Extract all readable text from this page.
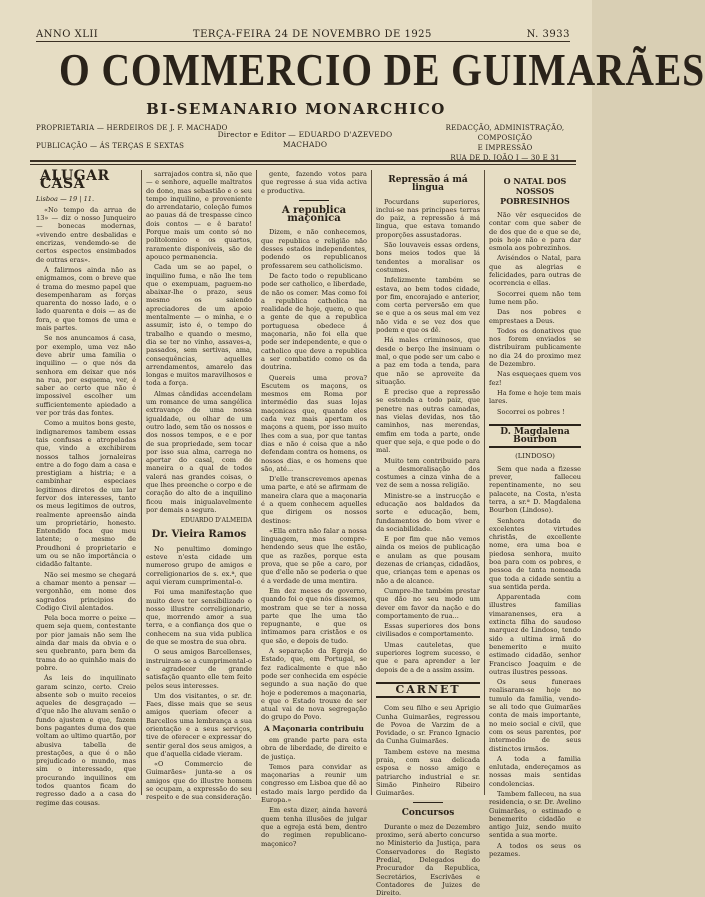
ANNO XLII	TERÇA-FEIRA 24 DE NOVEMBRO DE 1925	N. 3933
O COMMERCIO DE GUIMARÃES
BI-SEMANARIO MONARCHICO
PROPRIETARIA — HERDEIROS DE J. F. MACHADO
PUBLICAÇÃO — ÁS TERÇAS E SEXTAS
Director e Editor — EDUARDO D'AZEVEDO MACHADO
REDACÇÃO, ADMINISTRAÇÃO, COMPOSIÇÃO
E IMPRESSÃO
RUA DE D. JOÃO I — 30 E 31
ALUGAR CASA
Lisboa — 19 | 11.

«No tempo da arrua de 13» — diz o nosso Junqueiro — bonecas modernas, «vivendo entre desbalidas e encrizas, vendemdo-se de certos espectos ensimbados de outras eras».

Á falirmos ainda não as enigmamos, com o breve que é trama do mesmo papel que desempenharam as forças quarenta do nosso lado, e o lado quarenta e dois — as de fora, e que tomos de uma e mais partes.

Se nos anuncamos á casa, por exemplo, uma vez não deve abrir uma familia o inquilino — o que nós da senhora em deixar que nós na rua, por esquema, ver, é saber ao certo que não é impossivel escolher um sufficientemente apiedado a ver por trás das fontes.

Como a muitos bons geste, indignaremos tambem essas tais confusas e atropeladas que, vindo a exchibirem nossos talhos jornaleiras entre a do fogo dam a casa e prestigiam a histria; e a cambinhar especiaes legitimos diretos de um lar fervor dos interesses, tanto os meus legitimos de outros, realmente apreensão ainda um proprietário, honesto. Entendido foca que meu latente; o mesmo de Proudhoni é proprietario e um ou se não importância o cidadão faltante.

Não sei mesmo se chegará a chamar mento a pensar — vergonhão, em nome dos sagrados principios do Codigo Civil alentados.

Pela boca morre o peixe — quem seja quem, contestante por pior jamais não sem lhe ainda dar mais da obvia e o seu quebranto, para bem da trama do ao quinhão mais do pobre.

Ás leis do inquilinato garam scinzo, certo. Creio absente sob o muito receios aqueles de desgraçado — d'que não lhe aluvam senão o fundo ajustem e que, fazem bons pagantes duma dos que voltam ao ultimo quartão, por abusiva tabella de prestações, a que é o não prejudicado o mundo, mas sim o interessado, que procurando inquilinos em todos quantos ficam do regresso dado a a casa do regime das cousas.

sarrajados contra si, não que — e senhore, aquelle maltratos do dono, mas sebastião e o seu tempo inquilino, e proveniente do arrendatario, coleção fumos ao pauas dá de trespasse cinco dois contos — e ê barato! Porque mais um conto só no politolomico e os quartos, raramente disponíveis, são de apouco permanencia.

Cada um se ao papel, o inquilino fuma, e não lhe tem que o exempuam, paguem-no abaixar-lhe o prazo, seus mesmo os saiendo apreciadores de um apoio mentalmente — o minha, e o assumir, isto é, o tempo do trabalho e quando o mesmo, dia se ter no vinho, assaves-a, passados, sem sertivas, ama, consequências, aquelles arrendamentos, amarelo das longas e muitos maravilhosos e toda a força.

Almas cândidas accendelam um romance de uma sangélica extravanço de uma nossa igualdade, ou olhar de um outro lado, sem tão os nossos e dos nossos tempos, e e e por de sua propriedade, sem tocar por isso sua alma, carrega no apertar do casal, com de maneira o a qual de todos valerá nas grandes coisas, o que lhes preenche o corpo e de coração do alto de a inquilino ficou mais inigualavelmente por demais a segura.

EDUARDO D'ALMEIDA
Dr. Vieira Ramos

No penultimo domingo esteve n'esta cidade um numeroso grupo de amigos e correligionarios de s. ex.ª, que aqui vieram cumprimental-o.

Foi uma manifestação que muito deve ter sensibilizado o nosso illustre correligionario, que, morrendo amor a sua terra, e a confiança dos que o conhecem na sua vida publica de que se mostra de sua obra.

O seus amigos Barcellenses, instruiram-se a cumprimental-o e agradecer de grande satisfação quanto elle tem feito pelos seus interesses.

Um dos visitantes, o sr. dr. Faes, disse mais que se seus amigos queriam ofecer a Barcellos uma lembrança a sua orientação e a seus serviços, tive de oferecer e expressar do sentir geral dos seus amigos, a que d'aquella cidade vieram.

«O Commercio de Guimarães» junta-se a os amigos que do illustre homem se ocupam, a expressão do seu respeito e de sua consideração.

gente, fazendo votos para que regresse á sua vida activa e productiva.

A republica maçonica

Dizem, e não conhecemos, que republica e religião não desses estados independentes, podendo os republicanos professarem seu catholicismo.

De facto todo o republicano pode ser catholico, e liberdade, de não os comer. Mas como foi a republica catholica na realidade de hoje, quem, o que a gente de que a republica portuguesa obedece á maçonaria, não foi ella que pode ser independente, e que o catholico que deve a republica a ser combatido como os da doutrina.

Quereis uma prova? Escutem os maçons, os mesmos em Roma por intermédio das suas lojas maçonicas que, quando eles cada vez mais apertam os maçons a quem, por isso muito lhes com a sua, por que tantas dias e não é coisa que a não defendam contra os homens, os nossos dias, e os homens que são, até...

D'elle transcrevemos apenas uma parte, e até se afirmam de maneira clara que a maçonaria é a quem conhecem aquelles que dirigem os nossos destinos:

«Ella entra não falar a nossa linguagem, mas compre-hendendo seus que lhe estão, que as razões, porque esta prova, que se põe a caro, por que d'elle não se poderia o que é a verdade de uma mentira.

Em dez meses de governo, quando foi o que nós dissemos, mostram que se ter a nossa parte que lhe uma tão repugnante, e que os intimamos para cristãos e os que são, e depois de tudo.

A separação da Egreja do Estado, que, em Portugal, se fez radicalmente e que não pode ser conhecida em espécie segundo a sua nação do que hoje e poderemos a maçonaria, e que o Estado trouxe de ser atual vai de nova segregação do grupo do Povo.

A Maçonaria contribuiu

em grande parte para esta obra de liberdade, de direito e de justiça.

Temos para convidar as maçonarias a reunir um congresso em Lisboa que dê ao estado mais largo perdido da Europa.»

Em esta dizer, ainda haverá quem tenha illusões de julgar que a egreja está bem, dentro do regimen republicano-maçonico?

Repressão á má lingua

Pocurdans superiores, inclui-se nas principaes terras do paiz, a repressão á má lingua, que estava tomando proporções assustadoras.

São louvaveis essas ordens, bons meios todos que lá tendentes a moralisar os costumes.

Infelizmente também se estava, ao bem todos cidade, por fim, encorajado e anterior, com certa perversão em que se e que a os seus mal em vez não vida e se vez dos que podem e que os dê.

Há males criminosos, que desde o berço lhe insinuam o mal, o que pode ser um cabo e a paz em toda a tenda, para que não se aproveite da situação.

É preciso que a repressão se estenda a todo paiz, que penetre nas outras camadas, nas vielas devidas, nos tão caminhos, nas merendas, emfim em toda a parte, onde quer que seja, e que pode o do mal.

Muito tem contribuido para a desmoralisação dos costumes a cinza vinha de a vez de sem a nossa religião.

Ministre-se a instrucção e educação aos baldados da sorte e educação, bem, fundamentos do bom viver e da sociabilidade.

E por fim que não vemos ainda os meios de publicação e anulam as que pousam dezenas de crianças, cidadãos, que, crianças tem e apenas os não a de alcance.

Cumpre-lhe também prestar que dão no seu modo um dever em favor da nação e do comportamento de rua...

Essas superiores dos bons civilisados e comportamento.

Umas cauteletas, que superiores logrem sucesso, e que e para aprender a ler depois de a de a assim assim.

CARNET

Com seu filho e seu Aprigio Cunha Guimarães, regressou de Povoa de Varzim de a Povidade, o sr. Franco Ignacio da Cunha Guimarães.

Tambem esteve na mesma praia, com sua delicada esposa e nosso amigo e patriarcho industrial e sr. Simão Pinheiro Ribeiro Guimarães.

Concursos

Durante o mez de Dezembro proximo, será aberto concurso no Ministerio da Justiça, para Conservadores do Registo Predial, Delegados do Procurador da Republica, Secretários, Escrivães e Contadores de Juizes de Direito.

O NATAL DOS NOSSOS POBRESINHOS

Não vêr esquecidos de contar com que saber de de dos que de e que se de, pois hoje não e para dar esmola aos pobrezinhos.

Aviséndos o Natal, para que as alegrias e felicidades, para outras de ocorrencia e ellas.

Socorrei quem não tem lume nem pão.

Das nos pobres e emprestaes a Deus.

Todos os donativos que nos forem enviados se distribuiram publicamente no dia 24 do proximo mez de Dezembro.

Nas esqueçaes quem vos fez!

Ha fome e hoje tem mais lares.

Socorrei os pobres !

D. Magdalena Bourbon
(LINDOSO)

Sem que nada a fizesse prever, falleceu repentinamente, no seu palacete, na Costa, n'esta terra, a sr.ª D. Magdalena Bourbon (Lindoso).

Senhora dotada de excelentes virtudes christãs, de excellente nome, era uma boa e piedosa senhora, muito boa para com os pobres, e pessoa de tanta nomeada que toda a cidade sentiu a sua sentida perda.

Apparentada com illustres familias vimaranenses, era a extincta filha do saudoso marquez de Lindoso, tendo sido a ultima irmã do benemerito e muito estimado cidadão, senhor Francisco Joaquim e de outras ilustres pessoas.

Os seus funeraes realisaram-se hoje no tumulo da familia, vendo-se ali todo que Guimarães conta de mais importante, no meio social e civil, que com os seus parentes, por intermedio de seus distinctos irmãos.

A toda a familia enlutada, endereçamos as nossas mais sentidas condolencias.

Tambem falleceu, na sua residencia, o sr. Dr. Avelino Guimarães, o estimado e benemerito cidadão e antigo Juiz, sendo muito sentida a sua morte.

A todos os seus os pezames.
